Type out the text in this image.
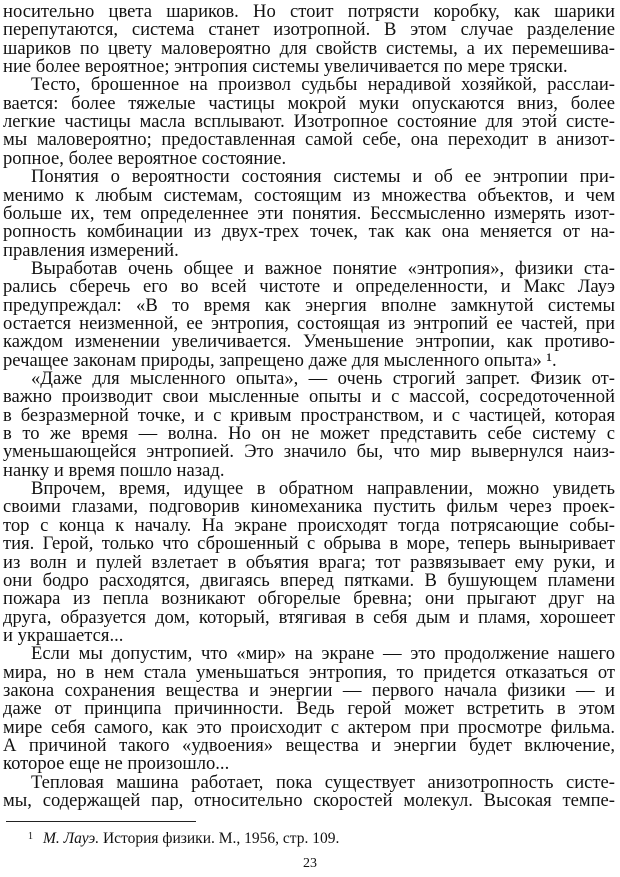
носительно цвета шариков. Но стоит потрясти коробку, как шарики
перепутаются, система станет изотропной. В этом случае разделение
шариков по цвету маловероятно для свойств системы, а их перемешива-
ние более вероятное; энтропия системы увеличивается по мере тряски.
Тесто, брошенное на произвол судьбы нерадивой хозяйкой, расслаи-
вается: более тяжелые частицы мокрой муки опускаются вниз, более
легкие частицы масла всплывают. Изотропное состояние для этой систе-
мы маловероятно; предоставленная самой себе, она переходит в анизот-
ропное, более вероятное состояние.
Понятия о вероятности состояния системы и об ее энтропии при-
менимо к любым системам, состоящим из множества объектов, и чем
больше их, тем определеннее эти понятия. Бессмысленно измерять изот-
ропность комбинации из двух-трех точек, так как она меняется от на-
правления измерений.
Выработав очень общее и важное понятие «энтропия», физики ста-
рались сберечь его во всей чистоте и определенности, и Макс Лауэ
предупреждал: «В то время как энергия вполне замкнутой системы
остается неизменной, ее энтропия, состоящая из энтропий ее частей, при
каждом изменении увеличивается. Уменьшение энтропии, как противо-
речащее законам природы, запрещено даже для мысленного опыта» ¹.
«Даже для мысленного опыта», — очень строгий запрет. Физик от-
важно производит свои мысленные опыты и с массой, сосредоточенной
в безразмерной точке, и с кривым пространством, и с частицей, которая
в то же время — волна. Но он не может представить себе систему с
уменьшающейся энтропией. Это значило бы, что мир вывернулся наиз-
нанку и время пошло назад.
Впрочем, время, идущее в обратном направлении, можно увидеть
своими глазами, подговорив киномеханика пустить фильм через проек-
тор с конца к началу. На экране происходят тогда потрясающие собы-
тия. Герой, только что сброшенный с обрыва в море, теперь выныривает
из волн и пулей взлетает в объятия врага; тот развязывает ему руки, и
они бодро расходятся, двигаясь вперед пятками. В бушующем пламени
пожара из пепла возникают обгорелые бревна; они прыгают друг на
друга, образуется дом, который, втягивая в себя дым и пламя, хорошеет
и украшается...
Если мы допустим, что «мир» на экране — это продолжение нашего
мира, но в нем стала уменьшаться энтропия, то придется отказаться от
закона сохранения вещества и энергии — первого начала физики — и
даже от принципа причинности. Ведь герой может встретить в этом
мире себя самого, как это происходит с актером при просмотре фильма.
А причиной такого «удвоения» вещества и энергии будет включение,
которое еще не произошло...
Тепловая машина работает, пока существует анизотропность систе-
мы, содержащей пар, относительно скоростей молекул. Высокая темпе-
$^1$ М. Лауэ. История физики. М., 1956, стр. 109.
23
